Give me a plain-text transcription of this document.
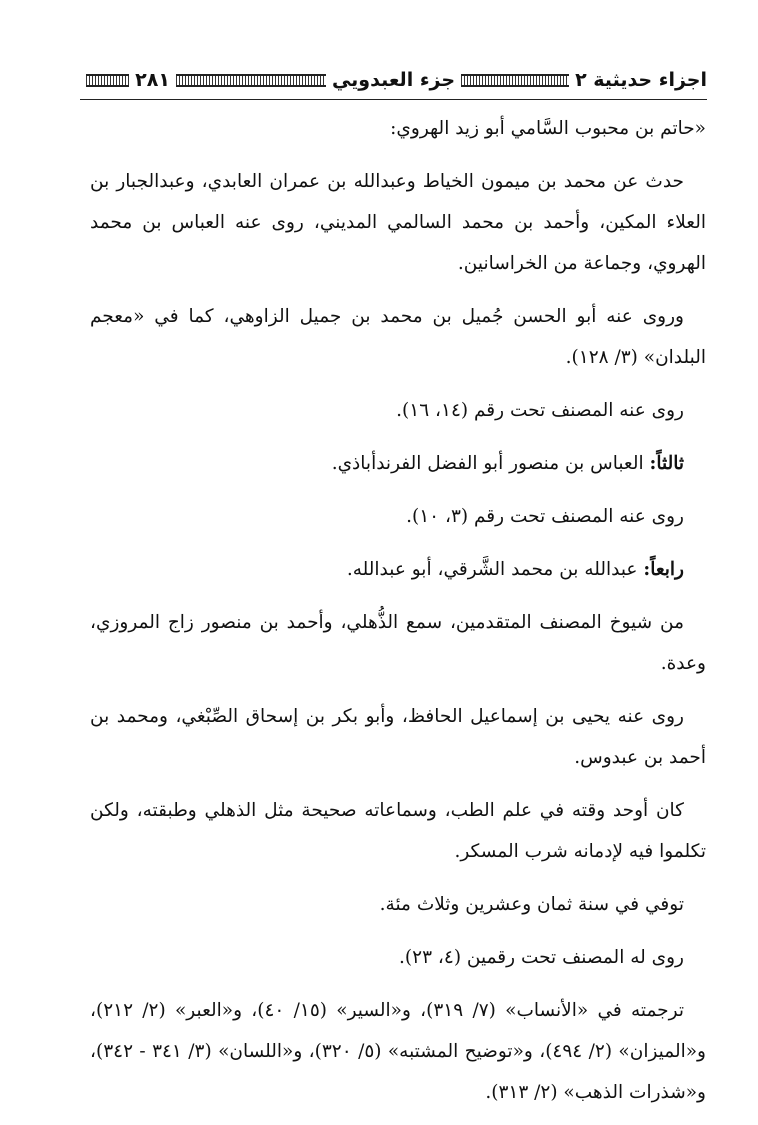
اجزاء حديثية ٢
جزء العبدويي
٢٨١

«حاتم بن محبوب السَّامي أبو زيد الهروي:

حدث عن محمد بن ميمون الخياط وعبدالله بن عمران العابدي، وعبدالجبار بن العلاء المكين، وأحمد بن محمد السالمي المديني، روى عنه العباس بن محمد الهروي، وجماعة من الخراسانين.

وروى عنه أبو الحسن جُميل بن محمد بن جميل الزاوهي، كما في «معجم البلدان» (٣/ ١٢٨).

روى عنه المصنف تحت رقم (١٤، ١٦).

ثالثاً: العباس بن منصور أبو الفضل الفرندأباذي.

روى عنه المصنف تحت رقم (٣، ١٠).

رابعاً: عبدالله بن محمد الشَّرقي، أبو عبدالله.

من شيوخ المصنف المتقدمين، سمع الذُّهلي، وأحمد بن منصور زاج المروزي، وعدة.

روى عنه يحيى بن إسماعيل الحافظ، وأبو بكر بن إسحاق الصِّبْغي، ومحمد بن أحمد بن عبدوس.

كان أوحد وقته في علم الطب، وسماعاته صحيحة مثل الذهلي وطبقته، ولكن تكلموا فيه لإدمانه شرب المسكر.

توفي في سنة ثمان وعشرين وثلاث مئة.

روى له المصنف تحت رقمين (٤، ٢٣).

ترجمته في «الأنساب» (٧/ ٣١٩)، و«السير» (١٥/ ٤٠)، و«العبر» (٢/ ٢١٢)، و«الميزان» (٢/ ٤٩٤)، و«توضيح المشتبه» (٥/ ٣٢٠)، و«اللسان» (٣/ ٣٤١ - ٣٤٢)، و«شذرات الذهب» (٢/ ٣١٣).
